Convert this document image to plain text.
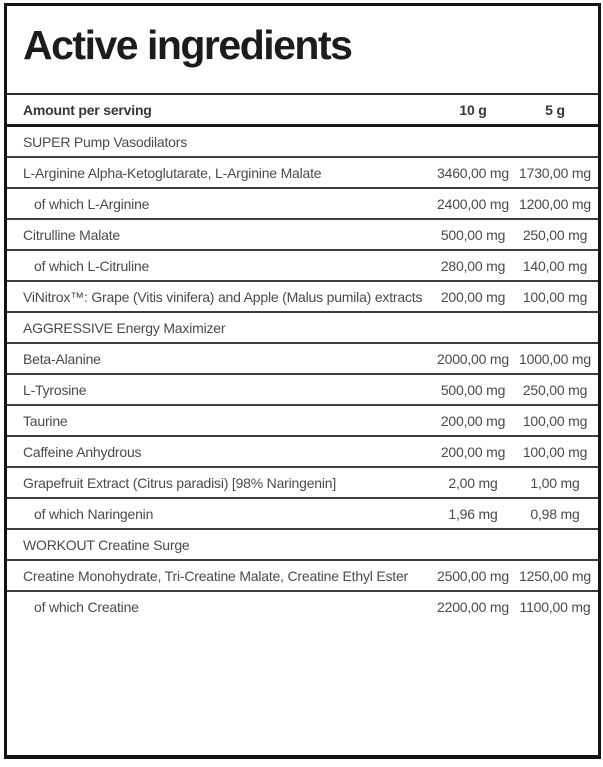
Active ingredients
Amount per serving	10 g	5 g
SUPER Pump Vasodilators
L-Arginine Alpha-Ketoglutarate, L-Arginine Malate	3460,00 mg 1730,00 mg
of which L-Arginine	2400,00 mg 1200,00 mg
Citrulline Malate	500,00 mg	250,00 mg
of which L-Citruline	280,00 mg	140,00 mg
ViNitrox™: Grape (Vitis vinifera) and Apple (Malus pumila) extracts	200,00 mg	100,00 mg
AGGRESSIVE Energy Maximizer
Beta-Alanine	2000,00 mg 1000,00 mg
L-Tyrosine	500,00 mg	250,00 mg
Taurine	200,00 mg	100,00 mg
Caffeine Anhydrous	200,00 mg	100,00 mg
Grapefruit Extract (Citrus paradisi) [98% Naringenin]	2,00 mg	1,00 mg
of which Naringenin	1,96 mg	0,98 mg
WORKOUT Creatine Surge
Creatine Monohydrate, Tri-Creatine Malate, Creatine Ethyl Ester	2500,00 mg 1250,00 mg
of which Creatine	2200,00 mg 1100,00 mg
